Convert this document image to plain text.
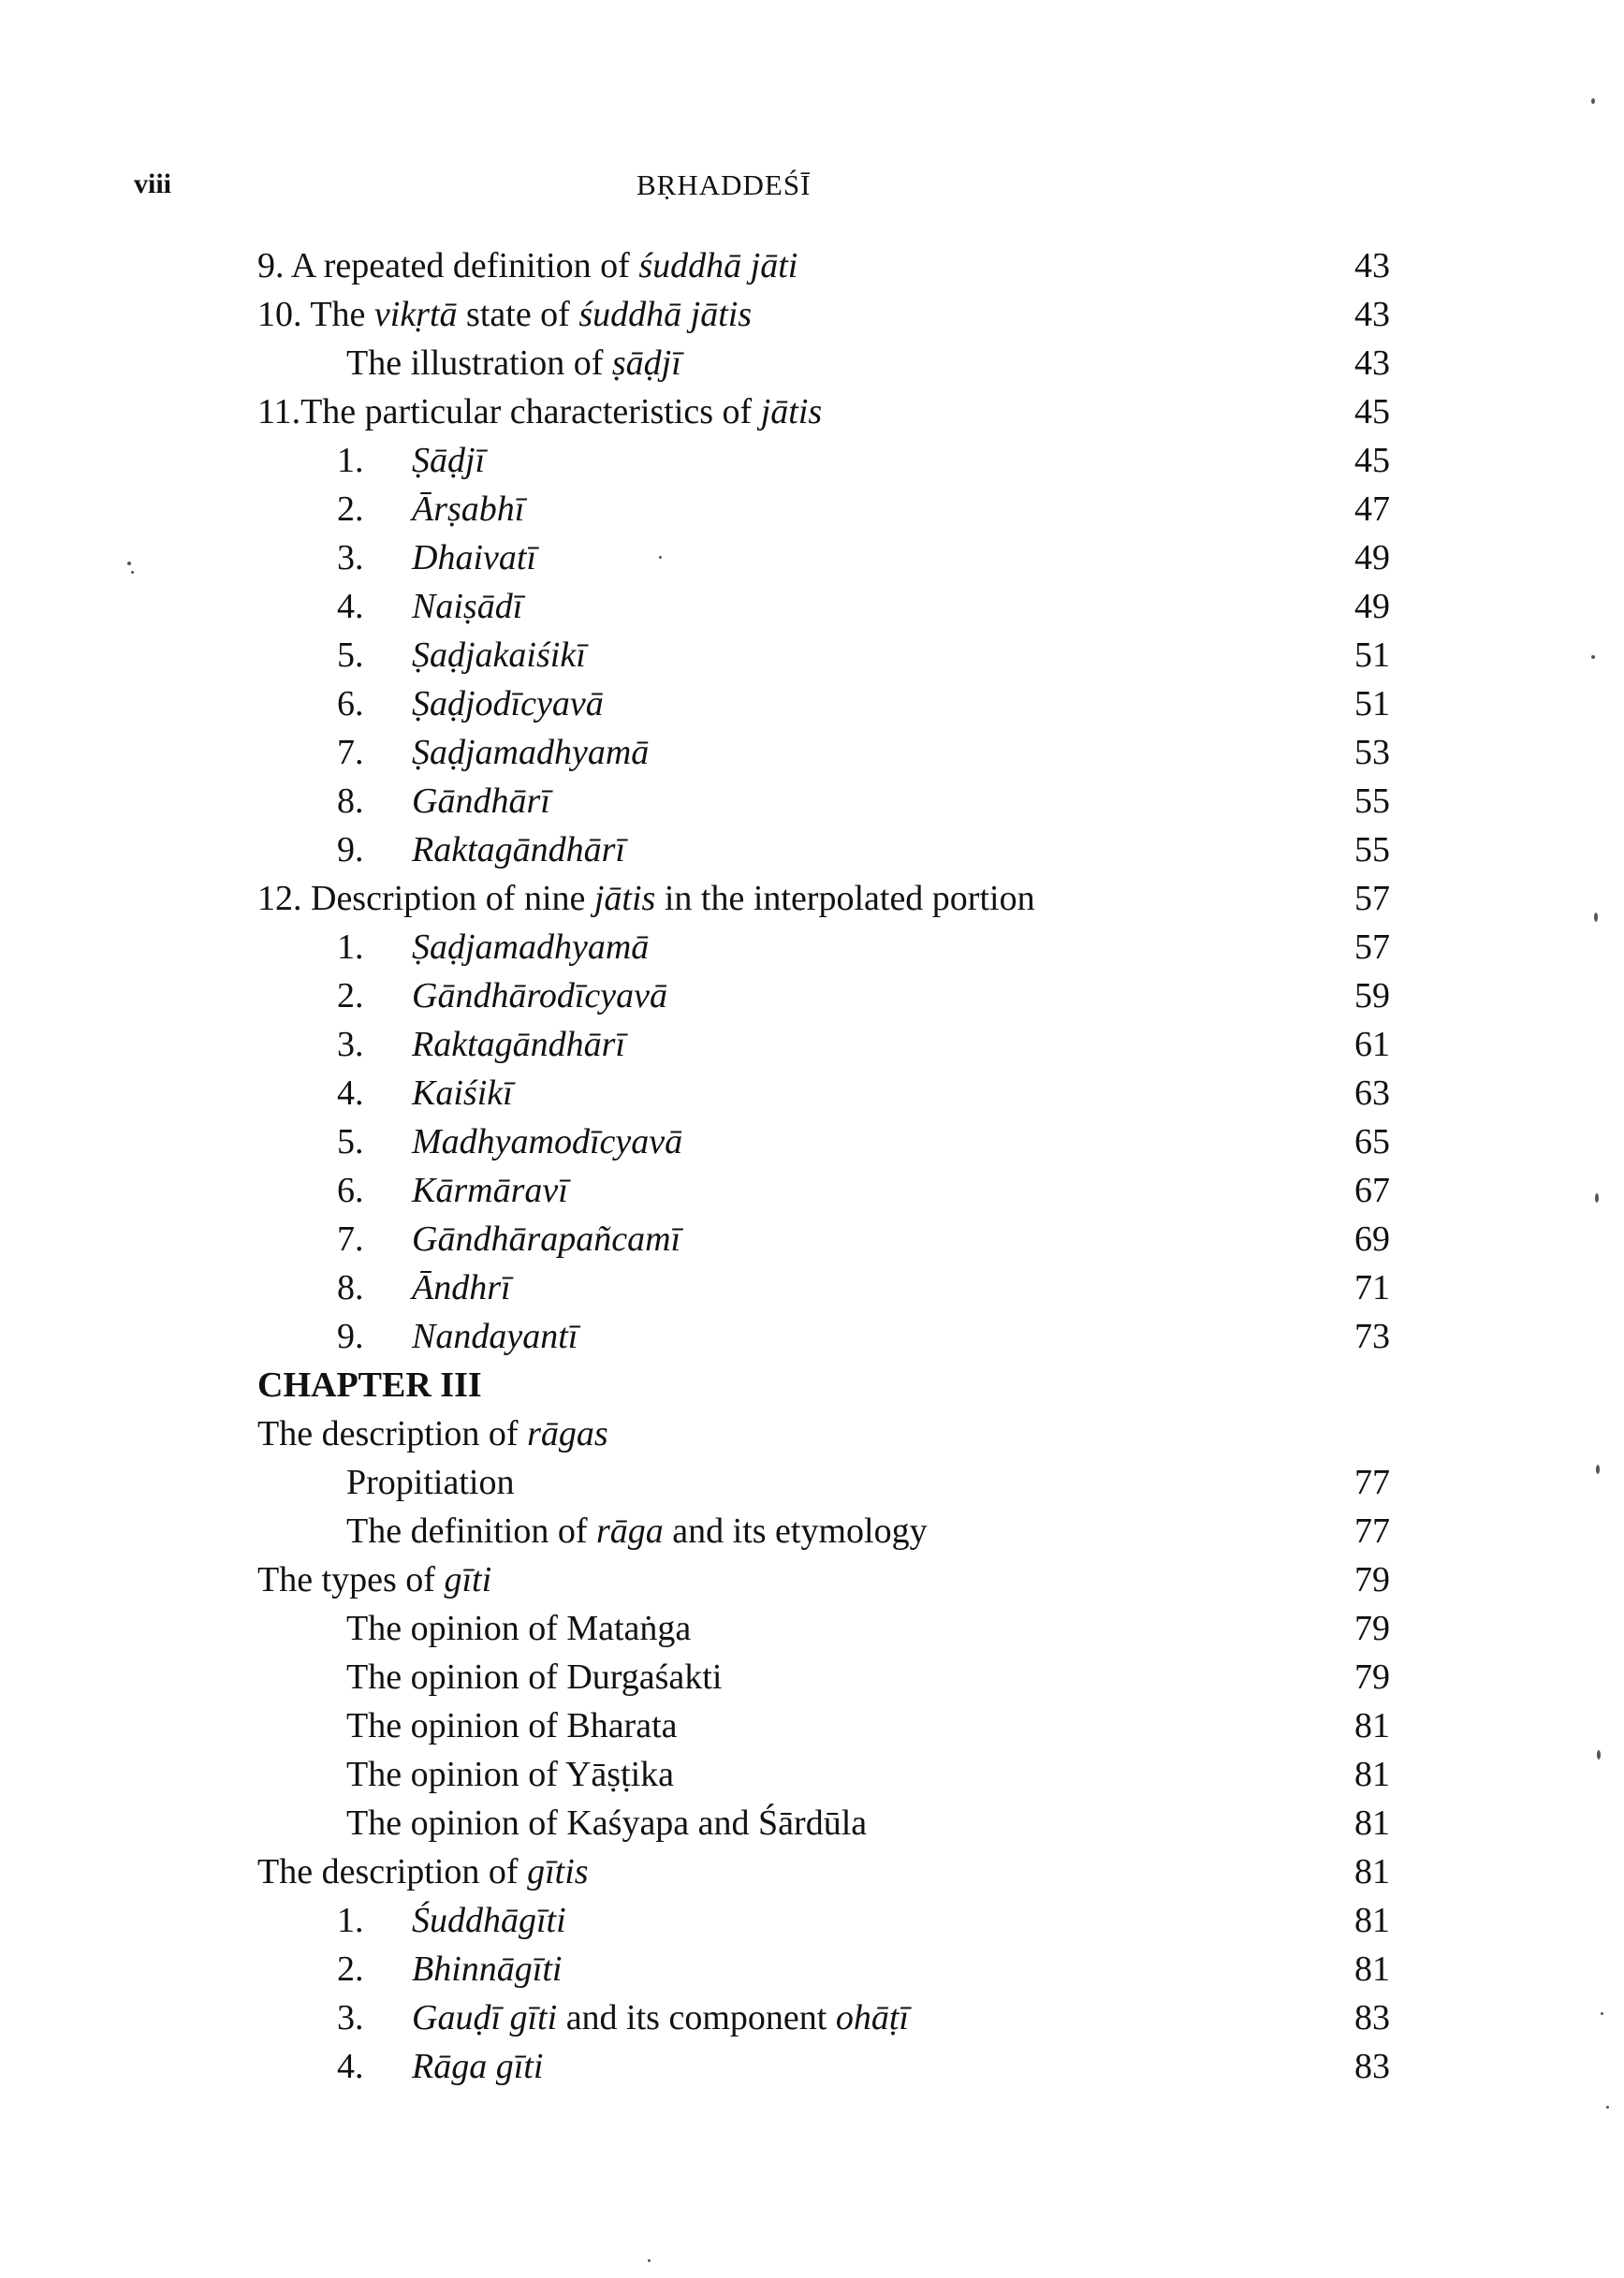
viii	BṚHADDEŚĪ
9. A repeated definition of śuddhā jāti	43
10. The vikṛtā state of śuddhā jātis	43
The illustration of ṣāḍjī	43
11.The particular characteristics of jātis	45
1. Ṣāḍjī	45
2. Ārṣabhī	47
3. Dhaivatī	49
4. Naiṣādī	49
5. Ṣaḍjakaiśikī	51
6. Ṣaḍjodīcyavā	51
7. Ṣaḍjamadhyamā	53
8. Gāndhārī	55
9. Raktagāndhārī	55
12. Description of nine jātis in the interpolated portion	57
1. Ṣaḍjamadhyamā	57
2. Gāndhārodīcyavā	59
3. Raktagāndhārī	61
4. Kaiśikī	63
5. Madhyamodīcyavā	65
6. Kārmāravī	67
7. Gāndhārapañcamī	69
8. Āndhrī	71
9. Nandayantī	73
CHAPTER III
The description of rāgas
Propitiation	77
The definition of rāga and its etymology	77
The types of gīti	79
The opinion of Mataṅga	79
The opinion of Durgaśakti	79
The opinion of Bharata	81
The opinion of Yāṣṭika	81
The opinion of Kaśyapa and Śārdūla	81
The description of gītis	81
1. Śuddhāgīti	81
2. Bhinnāgīti	81
3. Gauḍī gīti and its component ohāṭī	83
4. Rāga gīti	83
